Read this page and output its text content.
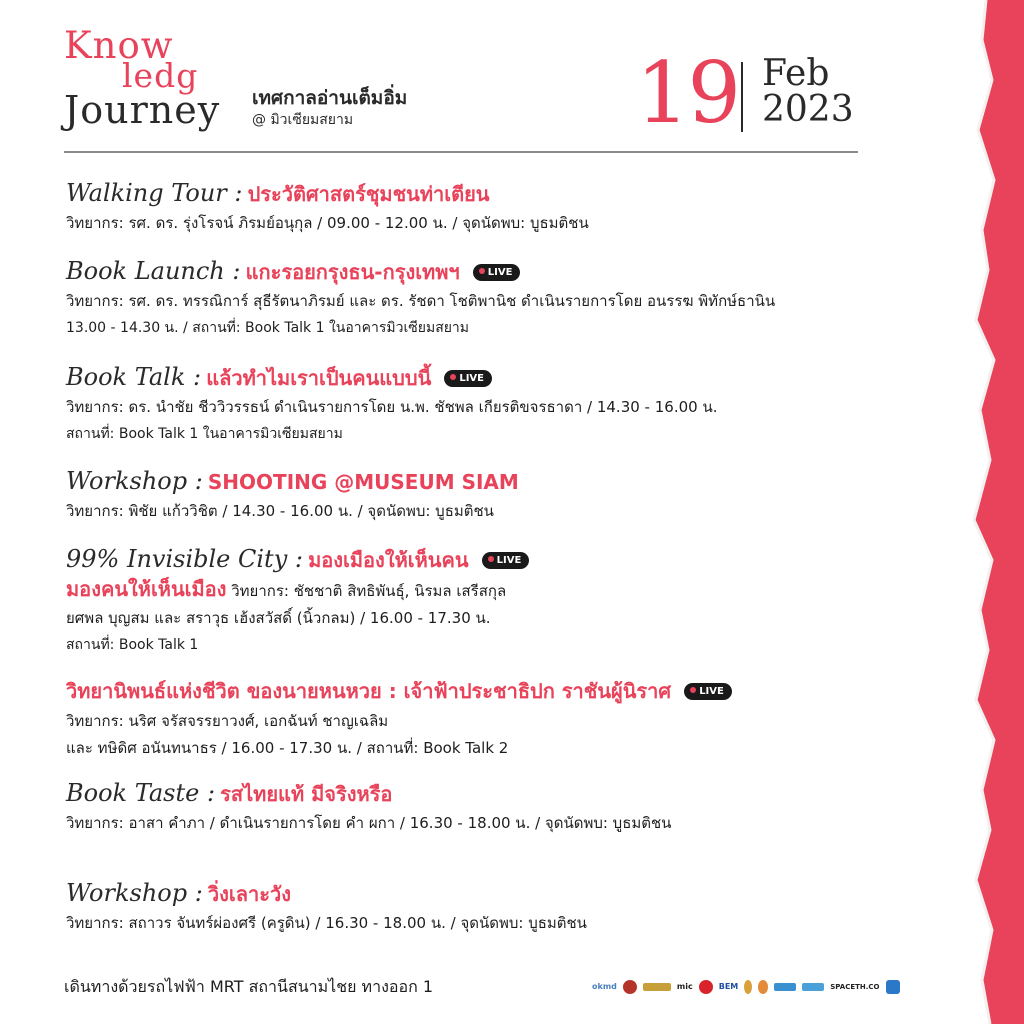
Know
ledg
Journey เทศกาลอ่านเต็มอิ่ม
@ มิวเซียมสยาม	19 Feb
2023
Walking Tour : ประวัติศาสตร์ชุมชนท่าเตียน
วิทยากร: รศ. ดร. รุ่งโรจน์ ภิรมย์อนุกุล / 09.00 - 12.00 น. / จุดนัดพบ: บูธมติชน
Book Launch : แกะรอยกรุงธน-กรุงเทพฯ	LIVE
วิทยากร: รศ. ดร. ทรรณิการ์ สุธีรัตนาภิรมย์ และ ดร. รัชดา โชติพานิช ดำเนินรายการโดย อนรรฆ พิทักษ์ธานิน
13.00 - 14.30 น. / สถานที่: Book Talk 1 ในอาคารมิวเซียมสยาม
Book Talk : แล้วทำไมเราเป็นคนแบบนี้	LIVE
วิทยากร: ดร. นำชัย ชีววิวรรธน์ ดำเนินรายการโดย น.พ. ชัชพล เกียรติขจรธาดา / 14.30 - 16.00 น.
สถานที่: Book Talk 1 ในอาคารมิวเซียมสยาม
Workshop : SHOOTING @MUSEUM SIAM
วิทยากร: พิชัย แก้ววิชิต / 14.30 - 16.00 น. / จุดนัดพบ: บูธมติชน
99% Invisible City : มองเมืองให้เห็นคน	LIVE
มองคนให้เห็นเมือง วิทยากร: ชัชชาติ สิทธิพันธุ์, นิรมล เสรีสกุล
ยศพล บุญสม และ สราวุธ เฮ้งสวัสดิ์ (นิ้วกลม) / 16.00 - 17.30 น.
สถานที่: Book Talk 1
วิทยานิพนธ์แห่งชีวิต ของนายหนหวย : เจ้าฟ้าประชาธิปก ราชันผู้นิราศ	LIVE
วิทยากร: นริศ จรัสจรรยาวงศ์, เอกฉันท์ ชาญเฉลิม
และ ทษิดิศ อนันทนาธร / 16.00 - 17.30 น. / สถานที่: Book Talk 2
Book Taste : รสไทยแท้ มีจริงหรือ
วิทยากร: อาสา คำภา / ดำเนินรายการโดย คำ ผกา / 16.30 - 18.00 น. / จุดนัดพบ: บูธมติชน
Workshop : วิ่งเลาะวัง
วิทยากร: สถาวร จันทร์ผ่องศรี (ครูดิน) / 16.30 - 18.00 น. / จุดนัดพบ: บูธมติชน
เดินทางด้วยรถไฟฟ้า MRT สถานีสนามไชย ทางออก 1	okmd	mic	BEM	SPACETH.CO
